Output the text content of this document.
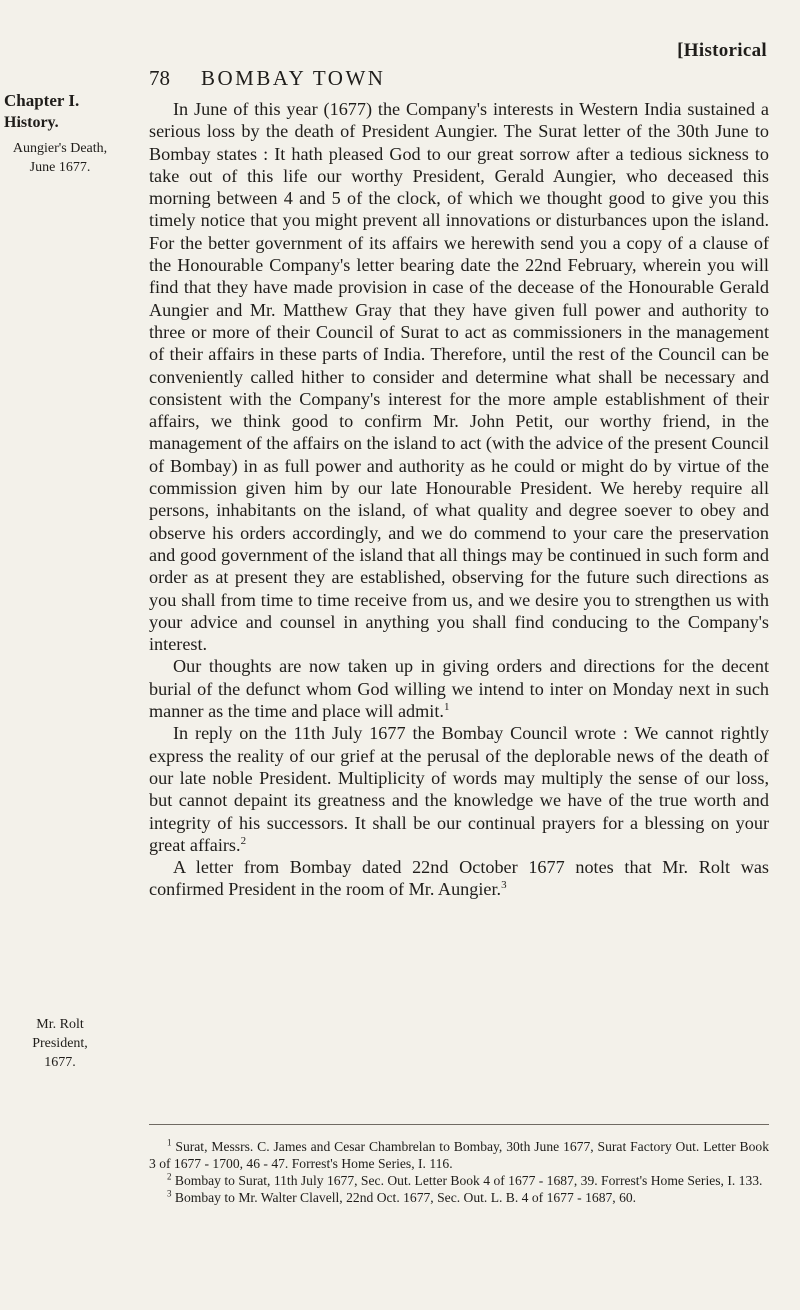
[Historical
78 BOMBAY TOWN
Chapter I.
History.
Aungier's Death,
June 1677.
Mr. Rolt
President,
1677.

In June of this year (1677) the Company's interests in Western India sustained a serious loss by the death of President Aungier. The Surat letter of the 30th June to Bombay states : It hath pleased God to our great sorrow after a tedious sickness to take out of this life our worthy President, Gerald Aungier, who deceased this morning between 4 and 5 of the clock, of which we thought good to give you this timely notice that you might prevent all innovations or disturbances upon the island. For the better government of its affairs we herewith send you a copy of a clause of the Honourable Company's letter bearing date the 22nd February, wherein you will find that they have made provision in case of the decease of the Honourable Gerald Aungier and Mr. Matthew Gray that they have given full power and authority to three or more of their Council of Surat to act as commissioners in the management of their affairs in these parts of India. Therefore, until the rest of the Council can be conveniently called hither to consider and determine what shall be necessary and consistent with the Company's interest for the more ample establishment of their affairs, we think good to confirm Mr. John Petit, our worthy friend, in the management of the affairs on the island to act (with the advice of the present Council of Bombay) in as full power and authority as he could or might do by virtue of the commission given him by our late Honourable President. We hereby require all persons, inhabitants on the island, of what quality and degree soever to obey and observe his orders accordingly, and we do commend to your care the preservation and good government of the island that all things may be continued in such form and order as at present they are established, observing for the future such directions as you shall from time to time receive from us, and we desire you to strengthen us with your advice and counsel in anything you shall find conducing to the Company's interest.

Our thoughts are now taken up in giving orders and directions for the decent burial of the defunct whom God willing we intend to inter on Monday next in such manner as the time and place will admit.$^1$

In reply on the 11th July 1677 the Bombay Council wrote : We cannot rightly express the reality of our grief at the perusal of the deplorable news of the death of our late noble President. Multiplicity of words may multiply the sense of our loss, but cannot depaint its greatness and the knowledge we have of the true worth and integrity of his successors. It shall be our continual prayers for a blessing on your great affairs.$^2$

A letter from Bombay dated 22nd October 1677 notes that Mr. Rolt was confirmed President in the room of Mr. Aungier.$^3$

$^1$ Surat, Messrs. C. James and Cesar Chambrelan to Bombay, 30th June 1677, Surat Factory Out. Letter Book 3 of 1677 - 1700, 46 - 47. Forrest's Home Series, I. 116.

$^2$ Bombay to Surat, 11th July 1677, Sec. Out. Letter Book 4 of 1677 - 1687, 39. Forrest's Home Series, I. 133.

$^3$ Bombay to Mr. Walter Clavell, 22nd Oct. 1677, Sec. Out. L. B. 4 of 1677 - 1687, 60.
